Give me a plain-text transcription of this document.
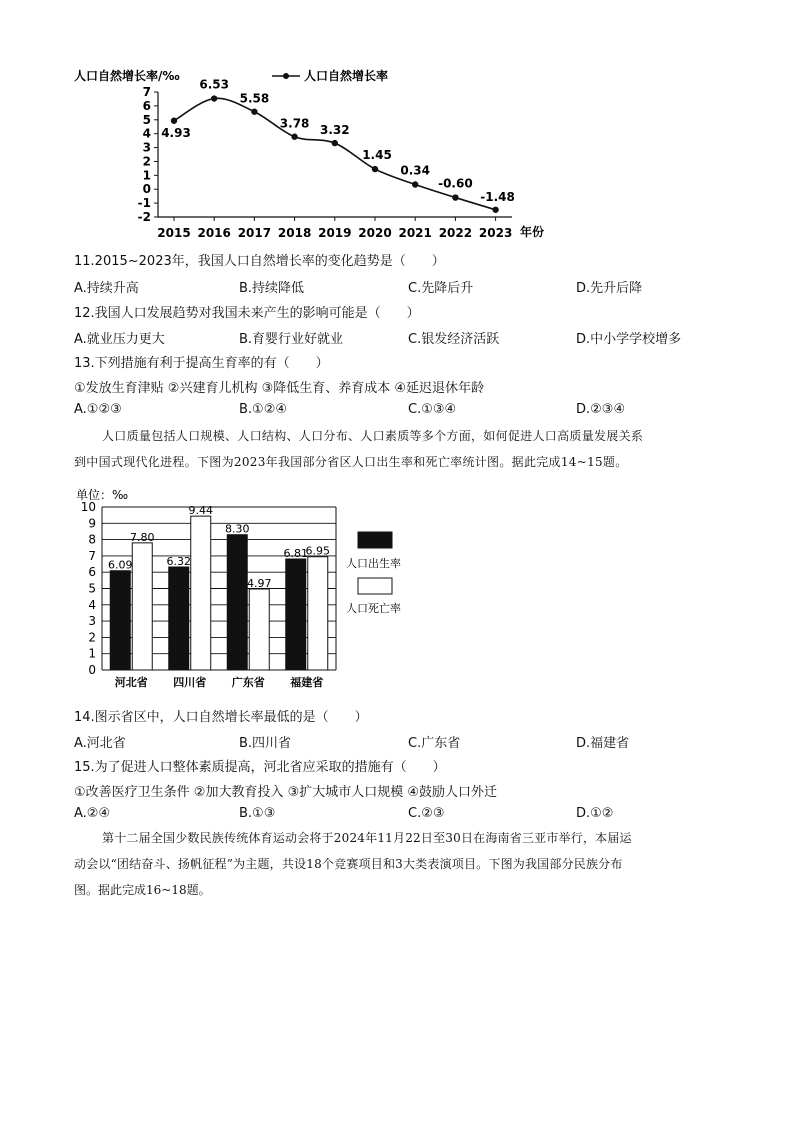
人口自然增长率/‰	人口自然增长率
7
6
5
4
3
2
1
0
-1
-2
2015 2016 2017 2018 2019 2020 2021 2022 2023
4.93
6.53
5.58
3.78 3.32
1.45
0.34
-0.60
-1.48
年份
11.2015~2023年，我国人口自然增长率的变化趋势是（　　）
A.持续升高	B.持续降低	C.先降后升	D.先升后降
12.我国人口发展趋势对我国未来产生的影响可能是（　　）
A.就业压力更大	B.育婴行业好就业	C.银发经济活跃	D.中小学学校增多
13.下列措施有利于提高生育率的有（　　）
①发放生育津贴 ②兴建育儿机构 ③降低生育、养育成本 ④延迟退休年龄
A.①②③	B.①②④	C.①③④	D.②③④
人口质量包括人口规模、人口结构、人口分布、人口素质等多个方面，如何促进人口高质量发展关系
到中国式现代化进程。下图为2023年我国部分省区人口出生率和死亡率统计图。据此完成14~15题。
单位：‰
10
9
8
7
6
5
4
3
2
1
0
河北省 四川省 广东省 福建省
6.09
7.80
6.32
9.44
8.30
4.97
6.81
6.95
人口出生率
人口死亡率
14.图示省区中，人口自然增长率最低的是（　　）
A.河北省	B.四川省	C.广东省	D.福建省
15.为了促进人口整体素质提高，河北省应采取的措施有（　　）
①改善医疗卫生条件 ②加大教育投入 ③扩大城市人口规模 ④鼓励人口外迁
A.②④	B.①③	C.②③	D.①②
第十二届全国少数民族传统体育运动会将于2024年11月22日至30日在海南省三亚市举行，本届运
动会以“团结奋斗、扬帆征程”为主题，共设18个竞赛项目和3大类表演项目。下图为我国部分民族分布
图。据此完成16~18题。
